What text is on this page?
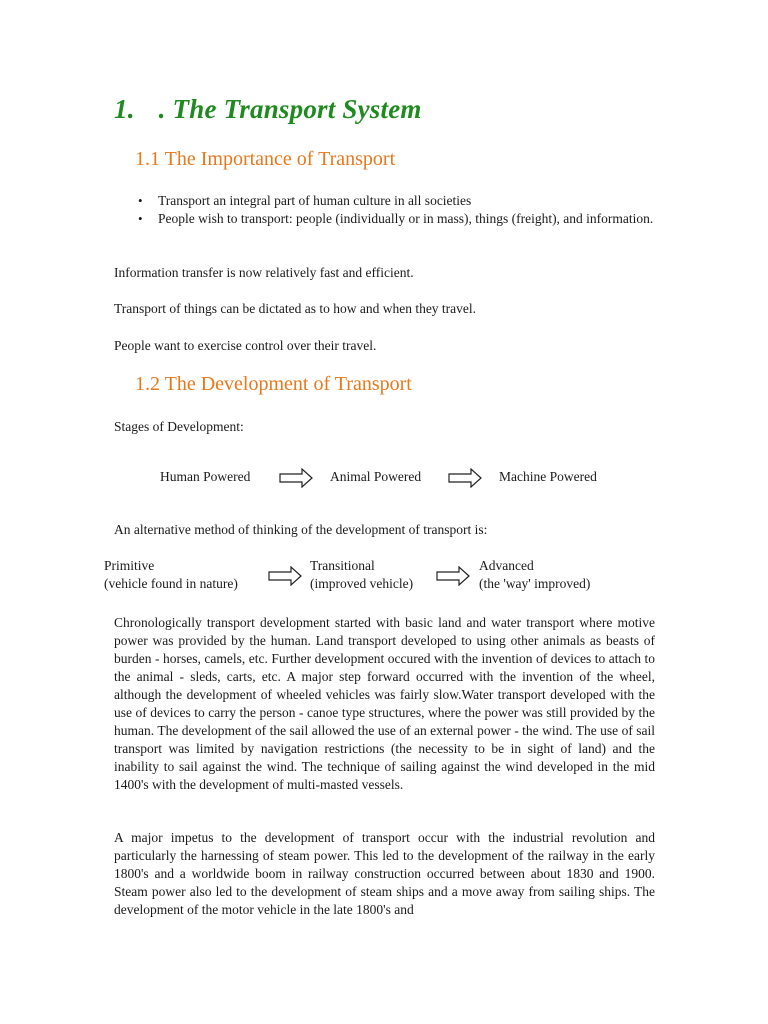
1. . The Transport System
1.1 The Importance of Transport
• Transport an integral part of human culture in all societies
• People wish to transport: people (individually or in mass), things (freight), and information.
Information transfer is now relatively fast and efficient.
Transport of things can be dictated as to how and when they travel.
People want to exercise control over their travel.
1.2 The Development of Transport
Stages of Development:
Human Powered	Animal Powered	Machine Powered
An alternative method of thinking of the development of transport is:
Primitive
(vehicle found in nature)
Transitional
(improved vehicle)
Advanced
(the 'way' improved)
Chronologically transport development started with basic land and water transport where motive power was provided by the human. Land transport developed to using other animals as beasts of burden - horses, camels, etc. Further development occured with the invention of devices to attach to the animal - sleds, carts, etc. A major step forward occurred with the invention of the wheel, although the development of wheeled vehicles was fairly slow.Water transport developed with the use of devices to carry the person - canoe type structures, where the power was still provided by the human. The development of the sail allowed the use of an external power - the wind. The use of sail transport was limited by navigation restrictions (the necessity to be in sight of land) and the inability to sail against the wind. The technique of sailing against the wind developed in the mid 1400's with the development of multi-masted vessels.
A major impetus to the development of transport occur with the industrial revolution and particularly the harnessing of steam power. This led to the development of the railway in the early 1800's and a worldwide boom in railway construction occurred between about 1830 and 1900. Steam power also led to the development of steam ships and a move away from sailing ships. The development of the motor vehicle in the late 1800's and
